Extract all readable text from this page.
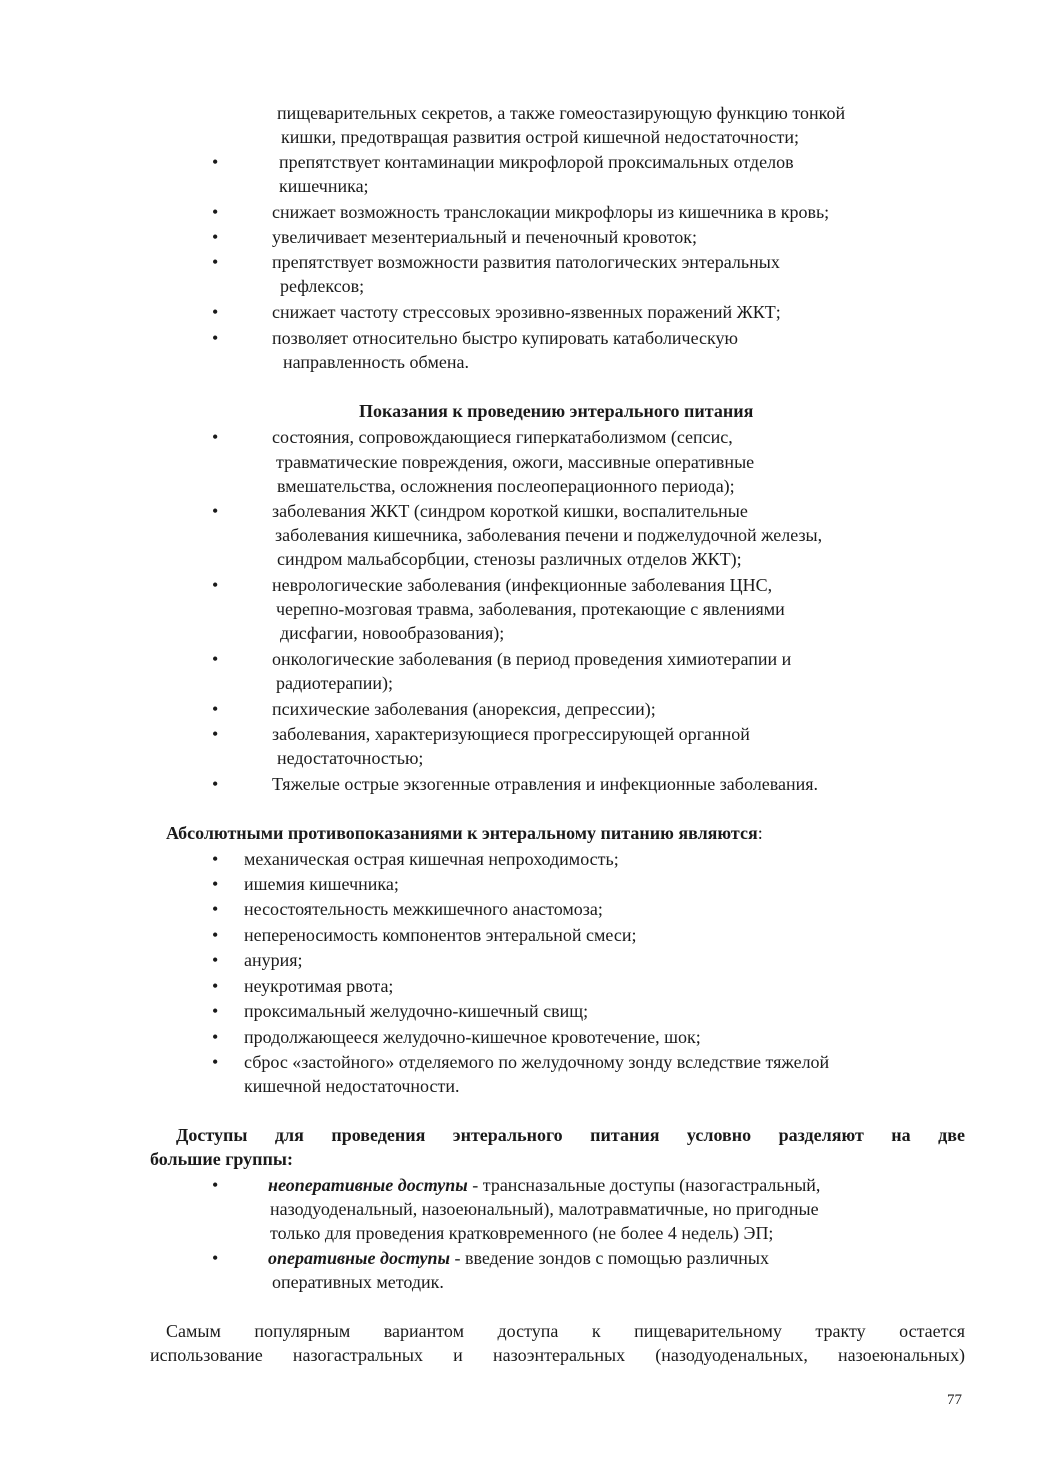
пищеварительных секретов, а также гомеостазирующую функцию тонкой
кишки, предотвращая развития острой кишечной недостаточности;
•	препятствует контаминации микрофлорой проксимальных отделов
кишечника;
•	снижает возможность транслокации микрофлоры из кишечника в кровь;
•	увеличивает мезентериальный и печеночный кровоток;
•	препятствует возможности развития патологических энтеральных
рефлексов;
•	снижает частоту стрессовых эрозивно-язвенных поражений ЖКТ;
•	позволяет относительно быстро купировать катаболическую
направленность обмена.
Показания к проведению энтерального питания
•	состояния, сопровождающиеся гиперкатаболизмом (сепсис,
травматические повреждения, ожоги, массивные оперативные
вмешательства, осложнения послеоперационного периода);
•	заболевания ЖКТ (синдром короткой кишки, воспалительные
заболевания кишечника, заболевания печени и поджелудочной железы,
синдром мальабсорбции, стенозы различных отделов ЖКТ);
•	неврологические заболевания (инфекционные заболевания ЦНС,
черепно-мозговая травма, заболевания, протекающие с явлениями
дисфагии, новообразования);
•	онкологические заболевания (в период проведения химиотерапии и
радиотерапии);
•	психические заболевания (анорексия, депрессии);
•	заболевания, характеризующиеся прогрессирующей органной
недостаточностью;
•	Тяжелые острые экзогенные отравления и инфекционные заболевания.
Абсолютными противопоказаниями к энтеральному питанию являются:
• механическая острая кишечная непроходимость;
• ишемия кишечника;
• несостоятельность межкишечного анастомоза;
• непереносимость компонентов энтеральной смеси;
• анурия;
• неукротимая рвота;
• проксимальный желудочно-кишечный свищ;
• продолжающееся желудочно-кишечное кровотечение, шок;
• сброс «застойного» отделяемого по желудочному зонду вследствие тяжелой
кишечной недостаточности.
Доступы для проведения энтерального питания условно разделяют на две
большие группы:
•	неоперативные доступы - трансназальные доступы (назогастральный,
назодуоденальный, назоеюнальный), малотравматичные, но пригодные
только для проведения кратковременного (не более 4 недель) ЭП;
•	оперативные доступы - введение зондов с помощью различных
оперативных методик.
Самым популярным вариантом доступа к пищеварительному тракту остается
использование назогастральных и назоэнтеральных (назодуоденальных, назоеюнальных)
77
